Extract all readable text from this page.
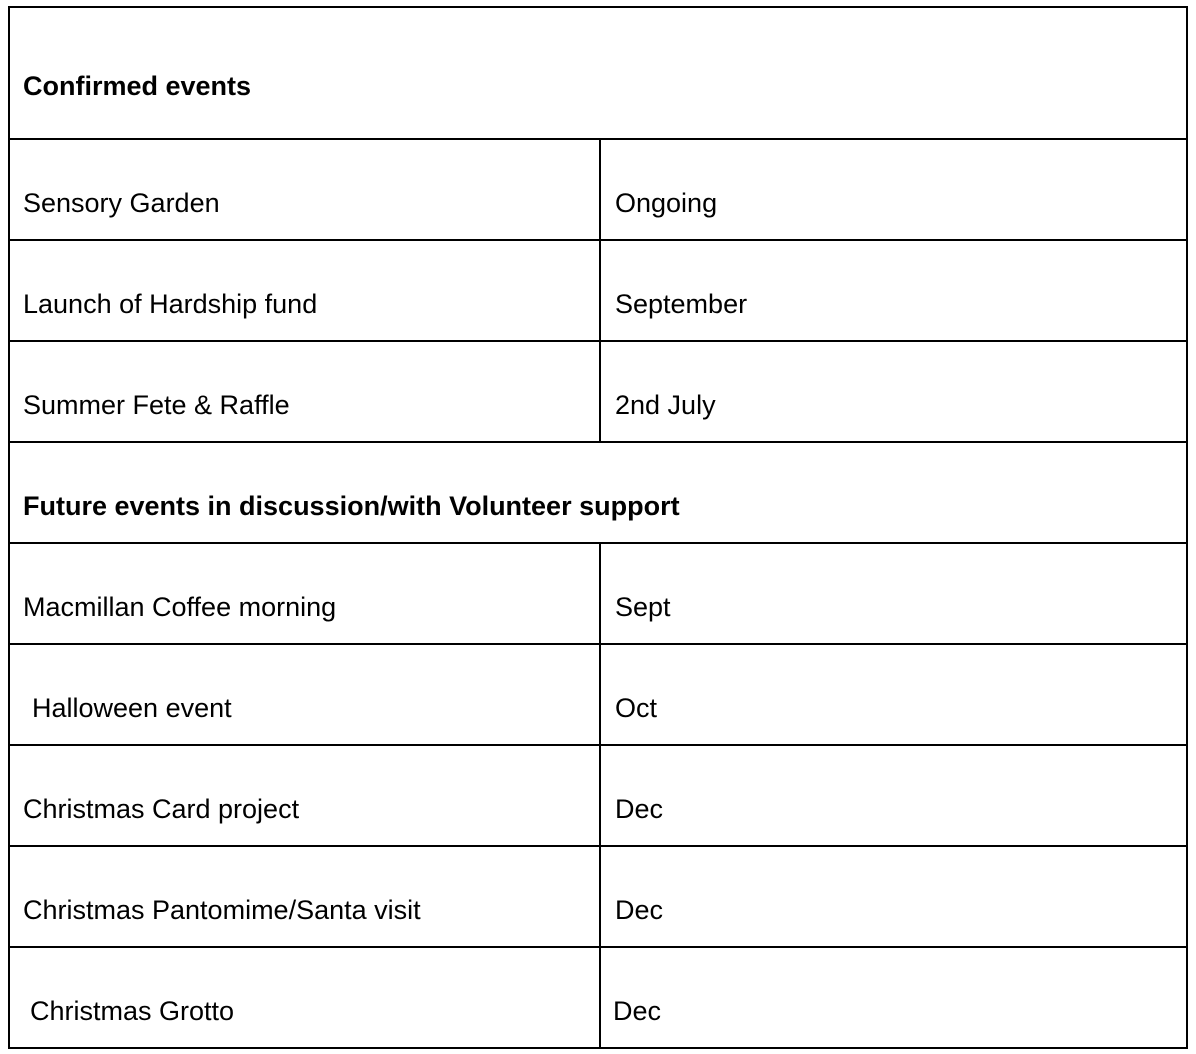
Confirmed events	
Sensory Garden	Ongoing
Launch of Hardship fund	September
Summer Fete & Raffle	2nd July
Future events in discussion/with Volunteer support	
Macmillan Coffee morning	Sept
Halloween event	Oct
Christmas Card project	Dec
Christmas Pantomime/Santa visit	Dec
Christmas Grotto	Dec
